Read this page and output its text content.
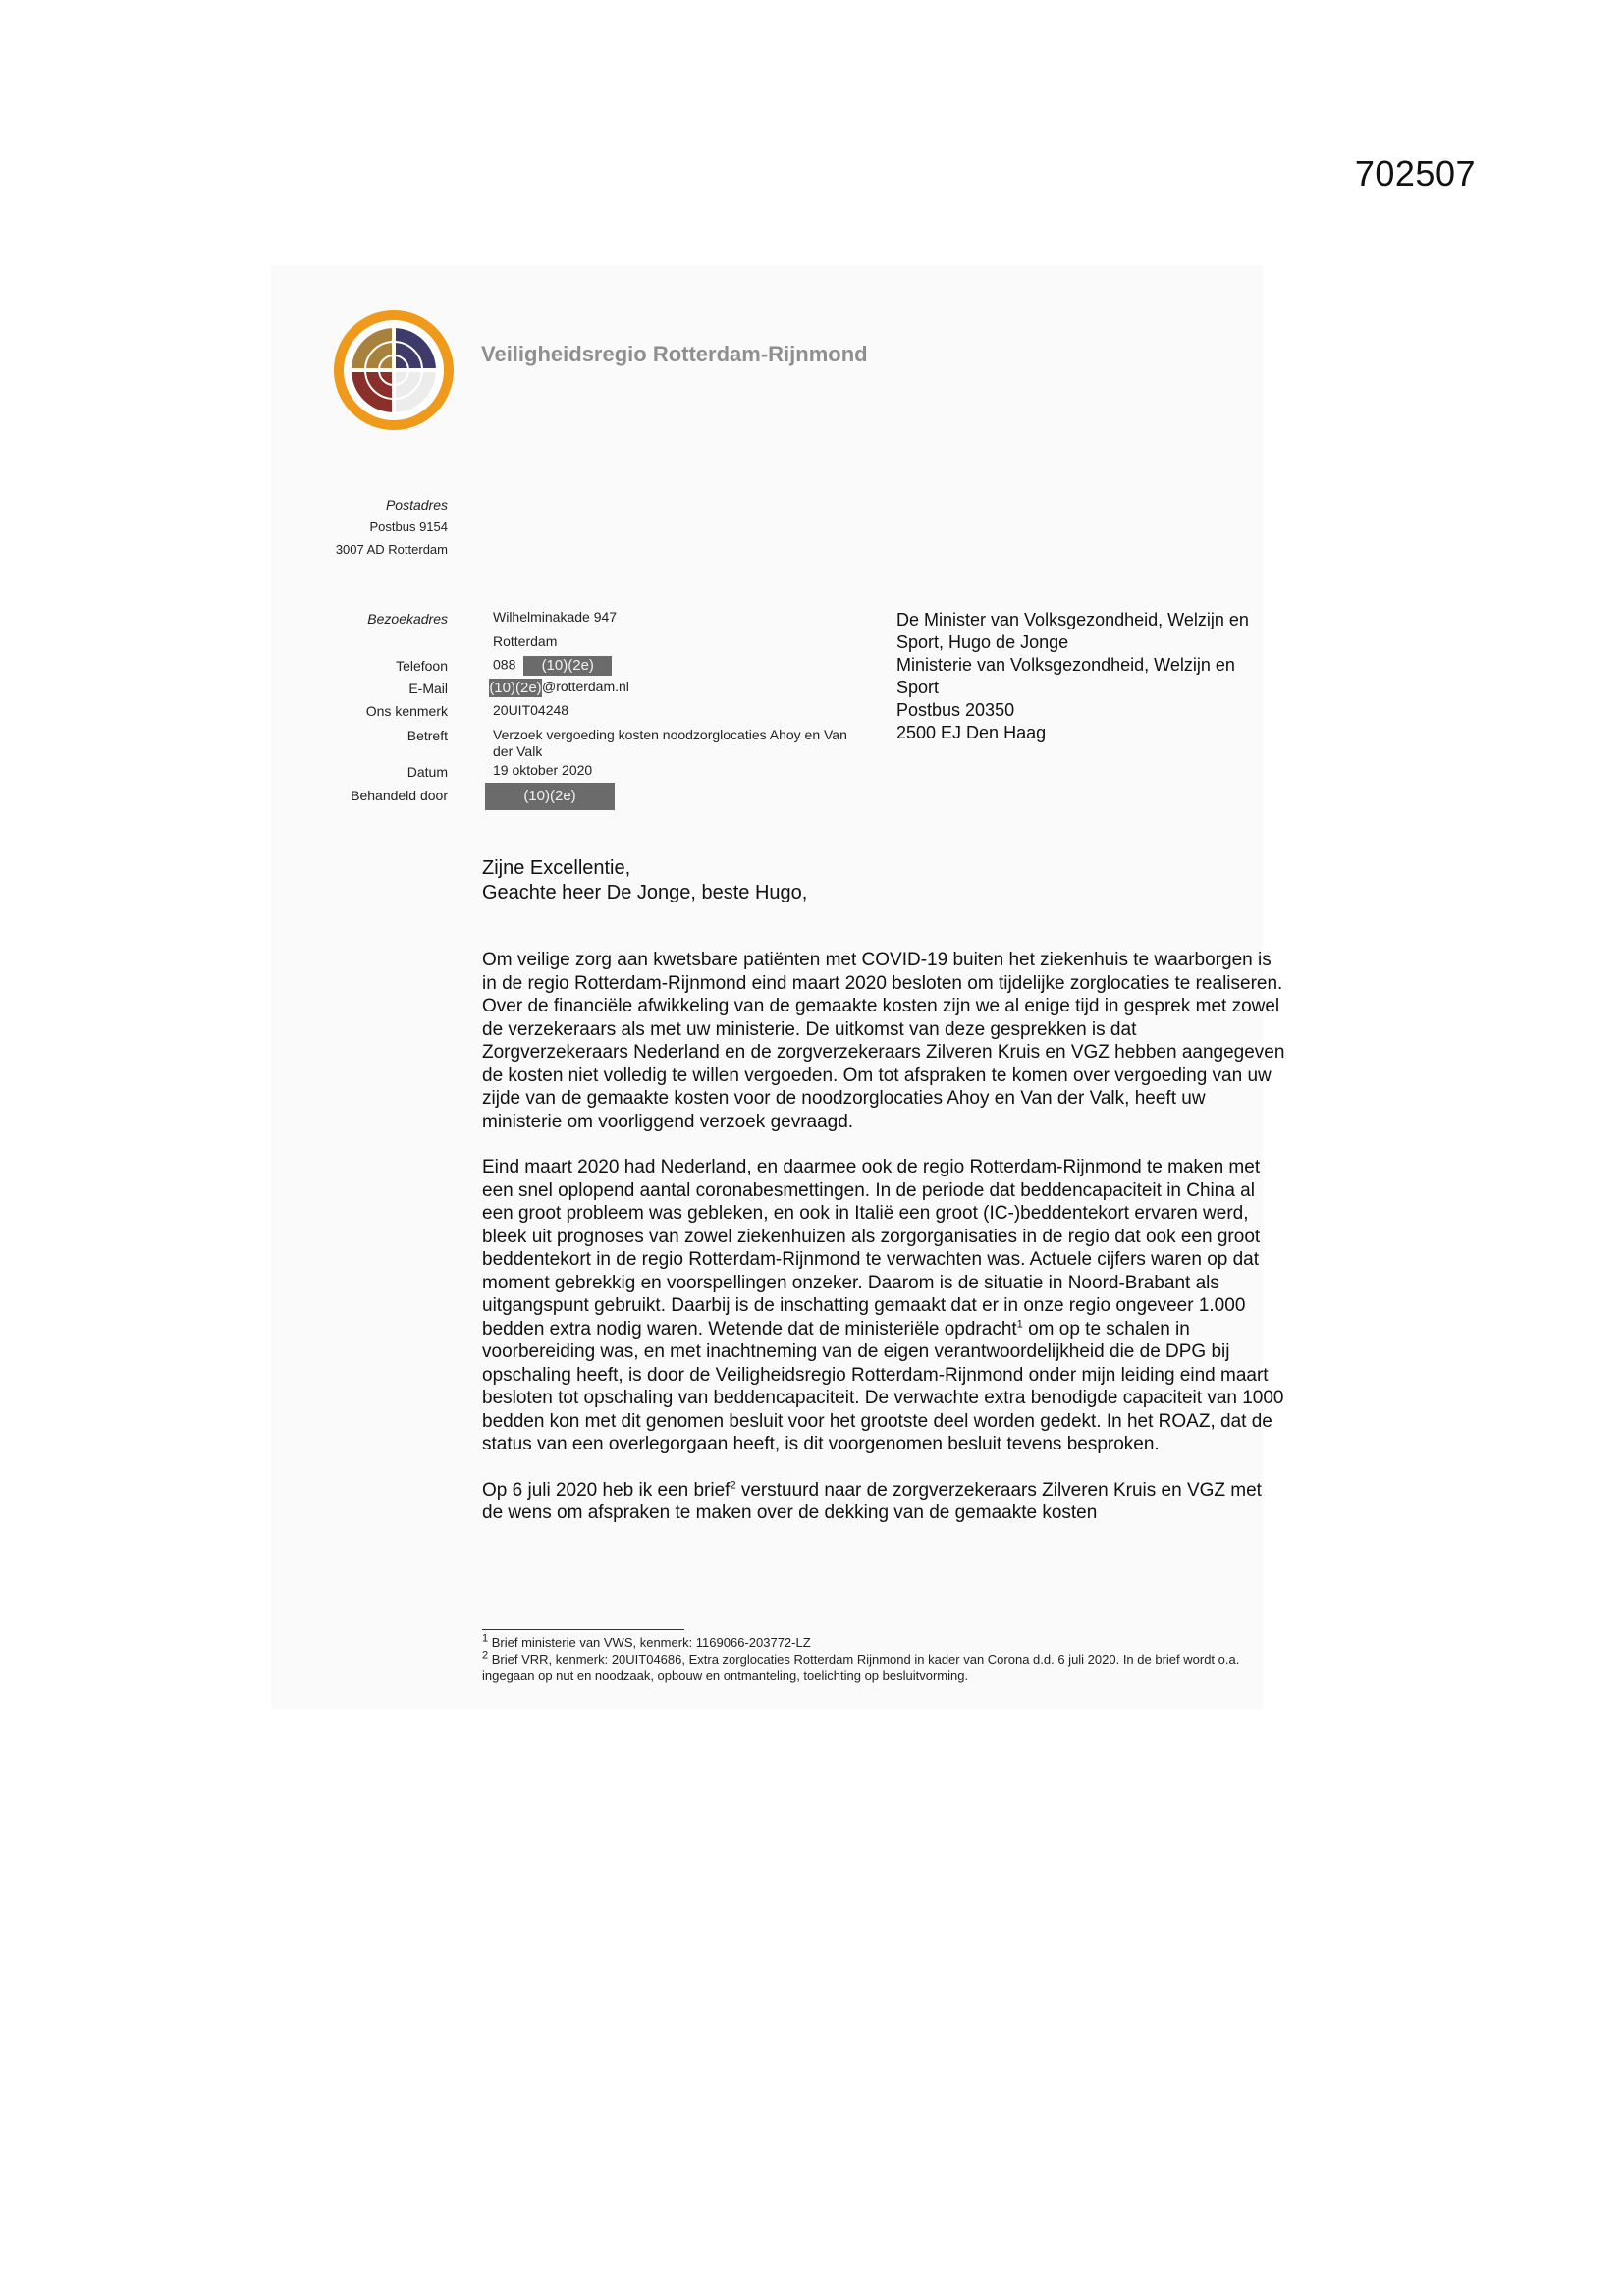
702507
Veiligheidsregio Rotterdam-Rijnmond
Postadres
Postbus 9154
3007 AD Rotterdam
Bezoekadres
Telefoon
E-Mail
Ons kenmerk
Betreft
Datum
Behandeld door
Wilhelminakade 947
Rotterdam
088 (10)(2e)
(10)(2e)@rotterdam.nl
20UIT04248
Verzoek vergoeding kosten noodzorglocaties Ahoy en Van
der Valk
19 oktober 2020
(10)(2e)
De Minister van Volksgezondheid, Welzijn en
Sport, Hugo de Jonge
Ministerie van Volksgezondheid, Welzijn en
Sport
Postbus 20350
2500 EJ Den Haag
Zijne Excellentie,
Geachte heer De Jonge, beste Hugo,

Om veilige zorg aan kwetsbare patiënten met COVID-19 buiten het ziekenhuis te waarborgen is in de regio Rotterdam-Rijnmond eind maart 2020 besloten om tijdelijke zorglocaties te realiseren. Over de financiële afwikkeling van de gemaakte kosten zijn we al enige tijd in gesprek met zowel de verzekeraars als met uw ministerie. De uitkomst van deze gesprekken is dat Zorgverzekeraars Nederland en de zorgverzekeraars Zilveren Kruis en VGZ hebben aangegeven de kosten niet volledig te willen vergoeden. Om tot afspraken te komen over vergoeding van uw zijde van de gemaakte kosten voor de noodzorglocaties Ahoy en Van der Valk, heeft uw ministerie om voorliggend verzoek gevraagd.

Eind maart 2020 had Nederland, en daarmee ook de regio Rotterdam-Rijnmond te maken met een snel oplopend aantal coronabesmettingen. In de periode dat beddencapaciteit in China al een groot probleem was gebleken, en ook in Italië een groot (IC-)beddentekort ervaren werd, bleek uit prognoses van zowel ziekenhuizen als zorgorganisaties in de regio dat ook een groot beddentekort in de regio Rotterdam-Rijnmond te verwachten was. Actuele cijfers waren op dat moment gebrekkig en voorspellingen onzeker. Daarom is de situatie in Noord-Brabant als uitgangspunt gebruikt. Daarbij is de inschatting gemaakt dat er in onze regio ongeveer 1.000 bedden extra nodig waren. Wetende dat de ministeriële opdracht$^1$ om op te schalen in voorbereiding was, en met inachtneming van de eigen verantwoordelijkheid die de DPG bij opschaling heeft, is door de Veiligheidsregio Rotterdam-Rijnmond onder mijn leiding eind maart besloten tot opschaling van beddencapaciteit. De verwachte extra benodigde capaciteit van 1000 bedden kon met dit genomen besluit voor het grootste deel worden gedekt. In het ROAZ, dat de status van een overlegorgaan heeft, is dit voorgenomen besluit tevens besproken.

Op 6 juli 2020 heb ik een brief$^2$ verstuurd naar de zorgverzekeraars Zilveren Kruis en VGZ met de wens om afspraken te maken over de dekking van de gemaakte kosten

$^1$ Brief ministerie van VWS, kenmerk: 1169066-203772-LZ
$^2$ Brief VRR, kenmerk: 20UIT04686, Extra zorglocaties Rotterdam Rijnmond in kader van Corona d.d. 6 juli 2020. In de brief wordt o.a. ingegaan op nut en noodzaak, opbouw en ontmanteling, toelichting op besluitvorming.
